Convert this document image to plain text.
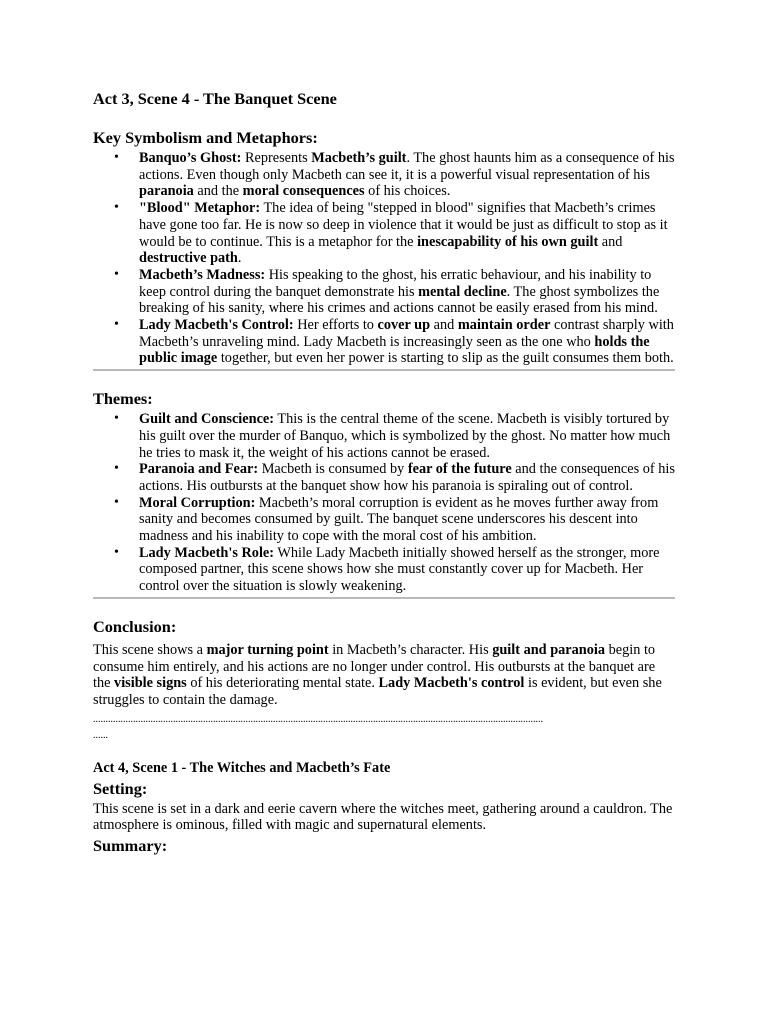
Act 3, Scene 4 - The Banquet Scene
Key Symbolism and Metaphors:
• Banquo’s Ghost: Represents Macbeth’s guilt. The ghost haunts him as a consequence of his actions. Even though only Macbeth can see it, it is a powerful visual representation of his paranoia and the moral consequences of his choices.
• "Blood" Metaphor: The idea of being "stepped in blood" signifies that Macbeth’s crimes have gone too far. He is now so deep in violence that it would be just as difficult to stop as it would be to continue. This is a metaphor for the inescapability of his own guilt and destructive path.
• Macbeth’s Madness: His speaking to the ghost, his erratic behaviour, and his inability to keep control during the banquet demonstrate his mental decline. The ghost symbolizes the breaking of his sanity, where his crimes and actions cannot be easily erased from his mind.
• Lady Macbeth's Control: Her efforts to cover up and maintain order contrast sharply with Macbeth’s unraveling mind. Lady Macbeth is increasingly seen as the one who holds the public image together, but even her power is starting to slip as the guilt consumes them both.
Themes:
• Guilt and Conscience: This is the central theme of the scene. Macbeth is visibly tortured by his guilt over the murder of Banquo, which is symbolized by the ghost. No matter how much he tries to mask it, the weight of his actions cannot be erased.
• Paranoia and Fear: Macbeth is consumed by fear of the future and the consequences of his actions. His outbursts at the banquet show how his paranoia is spiraling out of control.
• Moral Corruption: Macbeth’s moral corruption is evident as he moves further away from sanity and becomes consumed by guilt. The banquet scene underscores his descent into madness and his inability to cope with the moral cost of his ambition.
• Lady Macbeth's Role: While Lady Macbeth initially showed herself as the stronger, more composed partner, this scene shows how she must constantly cover up for Macbeth. Her control over the situation is slowly weakening.
Conclusion:

This scene shows a major turning point in Macbeth’s character. His guilt and paranoia begin to consume him entirely, and his actions are no longer under control. His outbursts at the banquet are the visible signs of his deteriorating mental state. Lady Macbeth's control is evident, but even she struggles to contain the damage.

....................................................................................................................................................................................
......
Act 4, Scene 1 - The Witches and Macbeth’s Fate
Setting:

This scene is set in a dark and eerie cavern where the witches meet, gathering around a cauldron. The atmosphere is ominous, filled with magic and supernatural elements.

Summary:
